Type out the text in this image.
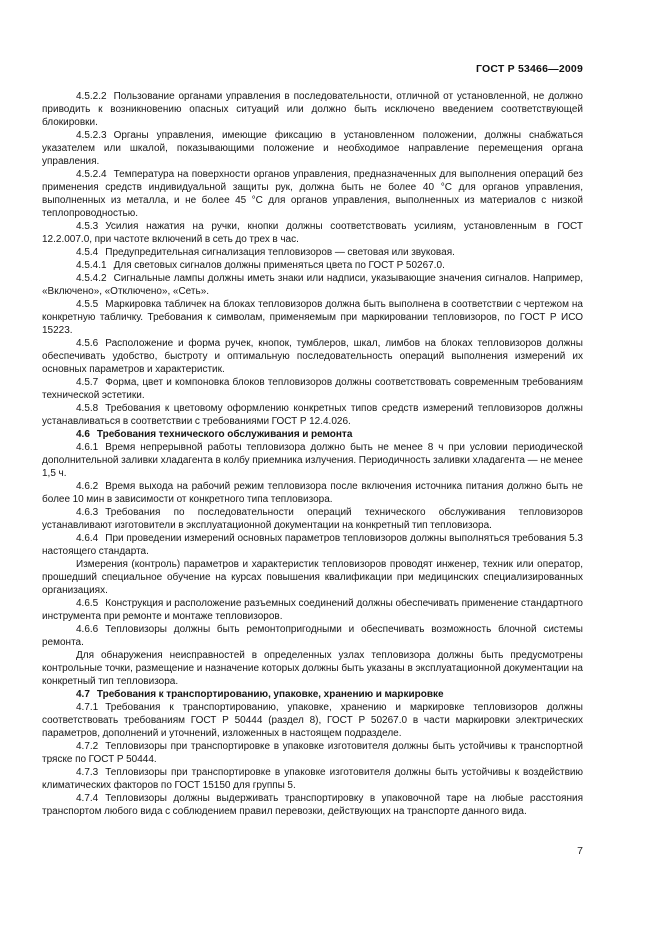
ГОСТ Р 53466—2009
4.5.2.2 Пользование органами управления в последовательности, отличной от установленной, не должно приводить к возникновению опасных ситуаций или должно быть исключено введением соответствующей блокировки.
4.5.2.3 Органы управления, имеющие фиксацию в установленном положении, должны снабжаться указателем или шкалой, показывающими положение и необходимое направление перемещения органа управления.
4.5.2.4 Температура на поверхности органов управления, предназначенных для выполнения операций без применения средств индивидуальной защиты рук, должна быть не более 40 °С для органов управления, выполненных из металла, и не более 45 °С для органов управления, выполненных из материалов с низкой теплопроводностью.
4.5.3 Усилия нажатия на ручки, кнопки должны соответствовать усилиям, установленным в ГОСТ 12.2.007.0, при частоте включений в сеть до трех в час.
4.5.4 Предупредительная сигнализация тепловизоров — световая или звуковая.
4.5.4.1 Для световых сигналов должны применяться цвета по ГОСТ Р 50267.0.
4.5.4.2 Сигнальные лампы должны иметь знаки или надписи, указывающие значения сигналов. Например, «Включено», «Отключено», «Сеть».
4.5.5 Маркировка табличек на блоках тепловизоров должна быть выполнена в соответствии с чертежом на конкретную табличку. Требования к символам, применяемым при маркировании тепловизоров, по ГОСТ Р ИСО 15223.
4.5.6 Расположение и форма ручек, кнопок, тумблеров, шкал, лимбов на блоках тепловизоров должны обеспечивать удобство, быстроту и оптимальную последовательность операций выполнения измерений их основных параметров и характеристик.
4.5.7 Форма, цвет и компоновка блоков тепловизоров должны соответствовать современным требованиям технической эстетики.
4.5.8 Требования к цветовому оформлению конкретных типов средств измерений тепловизоров должны устанавливаться в соответствии с требованиями ГОСТ Р 12.4.026.
4.6 Требования технического обслуживания и ремонта
4.6.1 Время непрерывной работы тепловизора должно быть не менее 8 ч при условии периодической дополнительной заливки хладагента в колбу приемника излучения. Периодичность заливки хладагента — не менее 1,5 ч.
4.6.2 Время выхода на рабочий режим тепловизора после включения источника питания должно быть не более 10 мин в зависимости от конкретного типа тепловизора.
4.6.3 Требования по последовательности операций технического обслуживания тепловизоров устанавливают изготовители в эксплуатационной документации на конкретный тип тепловизора.
4.6.4 При проведении измерений основных параметров тепловизоров должны выполняться требования 5.3 настоящего стандарта.
Измерения (контроль) параметров и характеристик тепловизоров проводят инженер, техник или оператор, прошедший специальное обучение на курсах повышения квалификации при медицинских специализированных организациях.
4.6.5 Конструкция и расположение разъемных соединений должны обеспечивать применение стандартного инструмента при ремонте и монтаже тепловизоров.
4.6.6 Тепловизоры должны быть ремонтопригодными и обеспечивать возможность блочной системы ремонта.
Для обнаружения неисправностей в определенных узлах тепловизора должны быть предусмотрены контрольные точки, размещение и назначение которых должны быть указаны в эксплуатационной документации на конкретный тип тепловизора.
4.7 Требования к транспортированию, упаковке, хранению и маркировке
4.7.1 Требования к транспортированию, упаковке, хранению и маркировке тепловизоров должны соответствовать требованиям ГОСТ Р 50444 (раздел 8), ГОСТ Р 50267.0 в части маркировки электрических параметров, дополнений и уточнений, изложенных в настоящем подразделе.
4.7.2 Тепловизоры при транспортировке в упаковке изготовителя должны быть устойчивы к транспортной тряске по ГОСТ Р 50444.
4.7.3 Тепловизоры при транспортировке в упаковке изготовителя должны быть устойчивы к воздействию климатических факторов по ГОСТ 15150 для группы 5.
4.7.4 Тепловизоры должны выдерживать транспортировку в упаковочной таре на любые расстояния транспортом любого вида с соблюдением правил перевозки, действующих на транспорте данного вида.
7
